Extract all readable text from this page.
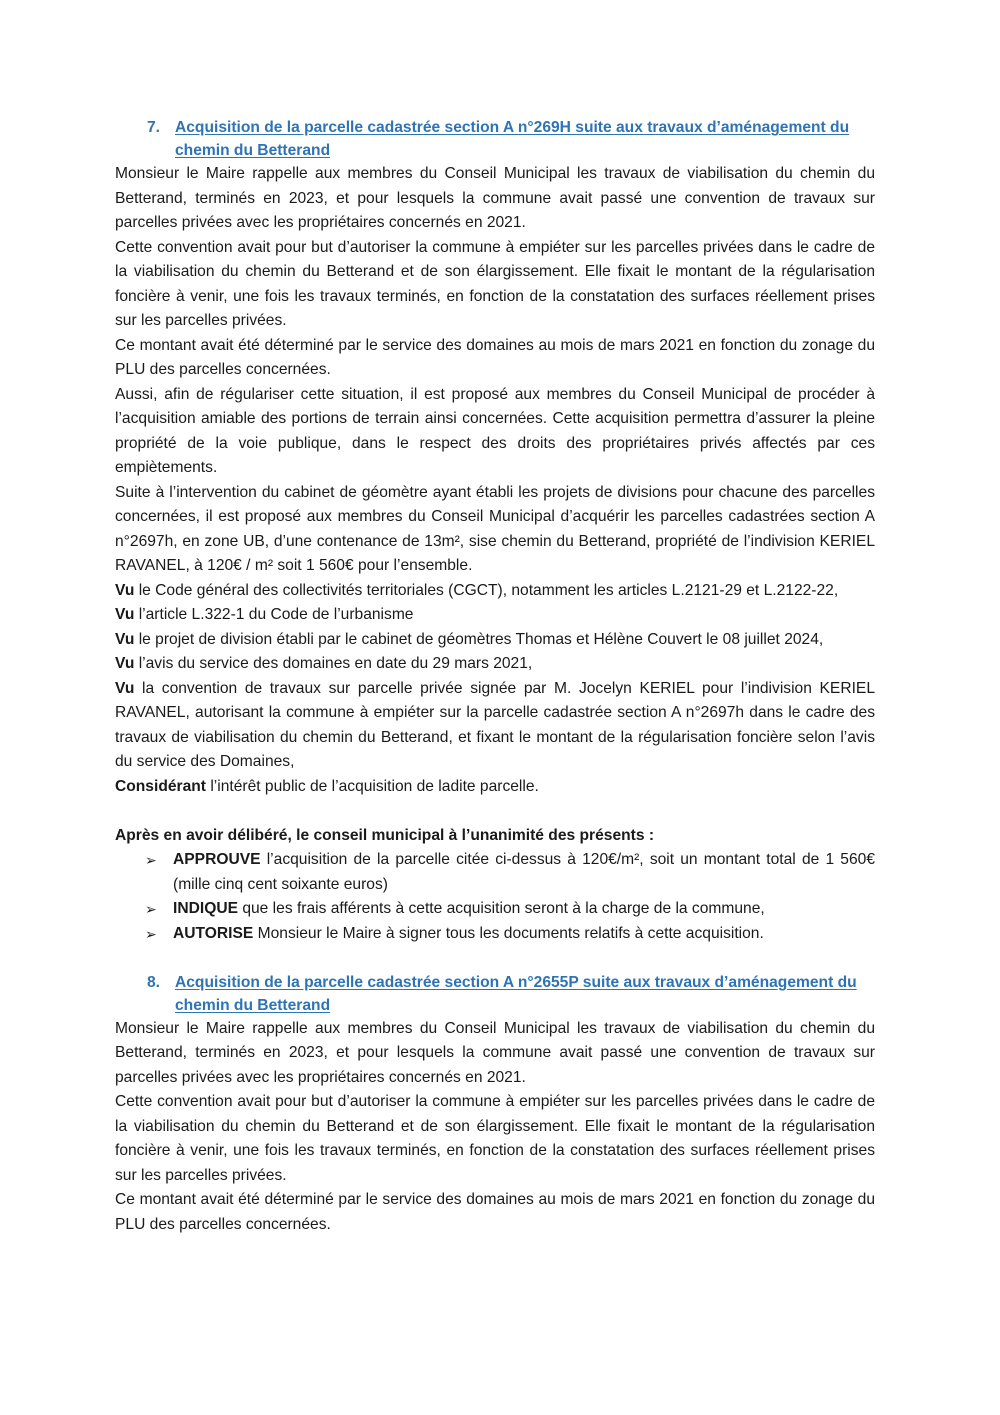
7. Acquisition de la parcelle cadastrée section A n°269H suite aux travaux d’aménagement du chemin du Betterand

Monsieur le Maire rappelle aux membres du Conseil Municipal les travaux de viabilisation du chemin du Betterand, terminés en 2023, et pour lesquels la commune avait passé une convention de travaux sur parcelles privées avec les propriétaires concernés en 2021.

Cette convention avait pour but d’autoriser la commune à empiéter sur les parcelles privées dans le cadre de la viabilisation du chemin du Betterand et de son élargissement. Elle fixait le montant de la régularisation foncière à venir, une fois les travaux terminés, en fonction de la constatation des surfaces réellement prises sur les parcelles privées.

Ce montant avait été déterminé par le service des domaines au mois de mars 2021 en fonction du zonage du PLU des parcelles concernées.

Aussi, afin de régulariser cette situation, il est proposé aux membres du Conseil Municipal de procéder à l’acquisition amiable des portions de terrain ainsi concernées. Cette acquisition permettra d’assurer la pleine propriété de la voie publique, dans le respect des droits des propriétaires privés affectés par ces empiètements.

Suite à l’intervention du cabinet de géomètre ayant établi les projets de divisions pour chacune des parcelles concernées, il est proposé aux membres du Conseil Municipal d’acquérir les parcelles cadastrées section A n°2697h, en zone UB, d’une contenance de 13m², sise chemin du Betterand, propriété de l’indivision KERIEL RAVANEL, à 120€ / m² soit 1 560€ pour l’ensemble.

Vu le Code général des collectivités territoriales (CGCT), notamment les articles L.2121-29 et L.2122-22,

Vu l’article L.322-1 du Code de l’urbanisme

Vu le projet de division établi par le cabinet de géomètres Thomas et Hélène Couvert le 08 juillet 2024,

Vu l’avis du service des domaines en date du 29 mars 2021,

Vu la convention de travaux sur parcelle privée signée par M. Jocelyn KERIEL pour l’indivision KERIEL RAVANEL, autorisant la commune à empiéter sur la parcelle cadastrée section A n°2697h dans le cadre des travaux de viabilisation du chemin du Betterand, et fixant le montant de la régularisation foncière selon l’avis du service des Domaines,

Considérant l’intérêt public de l’acquisition de ladite parcelle.

Après en avoir délibéré, le conseil municipal à l’unanimité des présents :

➢	APPROUVE l’acquisition de la parcelle citée ci-dessus à 120€/m², soit un montant total de 1 560€ (mille cinq cent soixante euros)
➢	INDIQUE que les frais afférents à cette acquisition seront à la charge de la commune,
➢	AUTORISE Monsieur le Maire à signer tous les documents relatifs à cette acquisition.
8. Acquisition de la parcelle cadastrée section A n°2655P suite aux travaux d’aménagement du chemin du Betterand

Monsieur le Maire rappelle aux membres du Conseil Municipal les travaux de viabilisation du chemin du Betterand, terminés en 2023, et pour lesquels la commune avait passé une convention de travaux sur parcelles privées avec les propriétaires concernés en 2021.

Cette convention avait pour but d’autoriser la commune à empiéter sur les parcelles privées dans le cadre de la viabilisation du chemin du Betterand et de son élargissement. Elle fixait le montant de la régularisation foncière à venir, une fois les travaux terminés, en fonction de la constatation des surfaces réellement prises sur les parcelles privées.

Ce montant avait été déterminé par le service des domaines au mois de mars 2021 en fonction du zonage du PLU des parcelles concernées.
